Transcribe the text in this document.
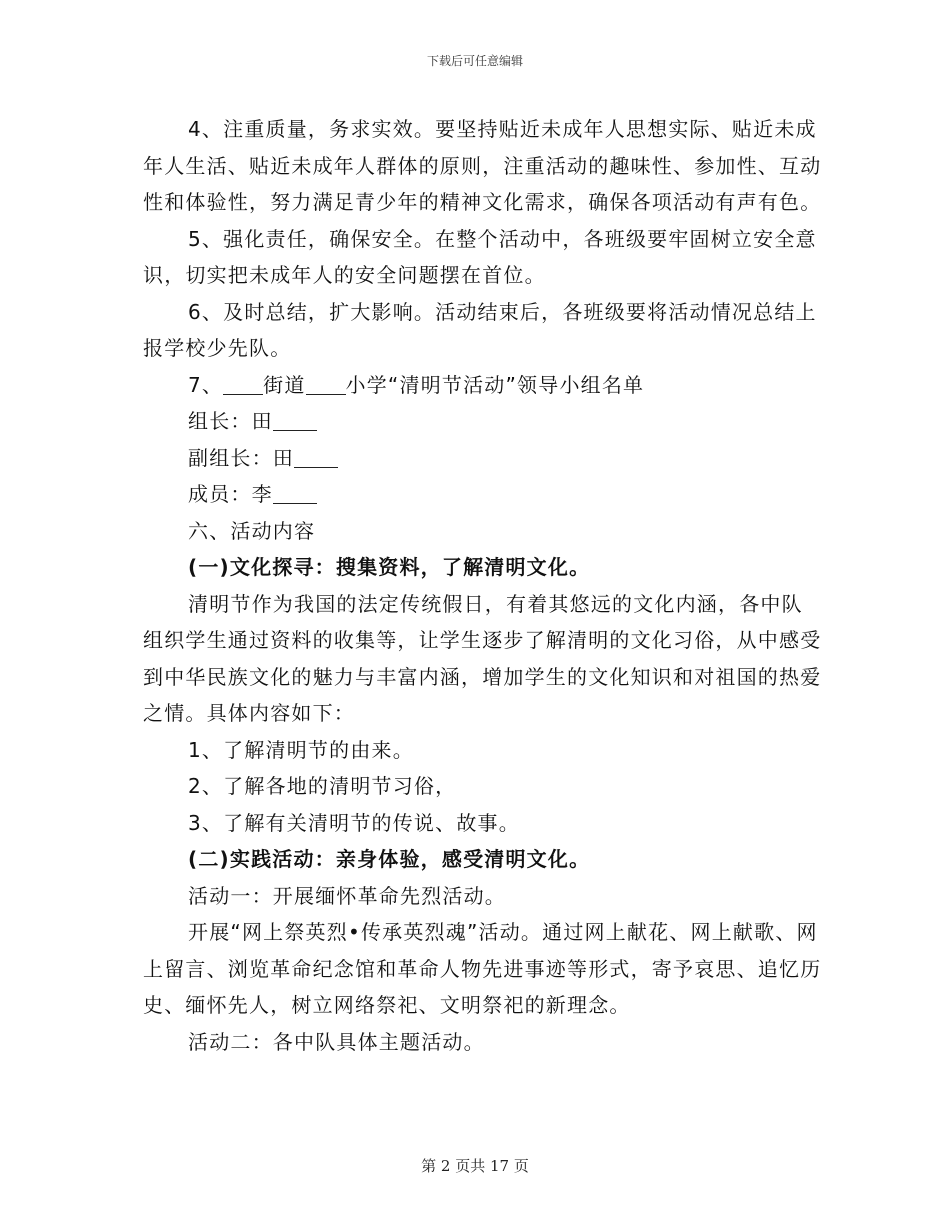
下载后可任意编辑

4、注重质量，务求实效。要坚持贴近未成年人思想实际、贴近未成年人生活、贴近未成年人群体的原则，注重活动的趣味性、参加性、互动性和体验性，努力满足青少年的精神文化需求，确保各项活动有声有色。

5、强化责任，确保安全。在整个活动中，各班级要牢固树立安全意识，切实把未成年人的安全问题摆在首位。

6、及时总结，扩大影响。活动结束后，各班级要将活动情况总结上报学校少先队。

7、 街道 小学“清明节活动”领导小组名单

组长：田

副组长：田

成员：李

六、活动内容

(一)文化探寻：搜集资料，了解清明文化。

清明节作为我国的法定传统假日，有着其悠远的文化内涵，各中队组织学生通过资料的收集等，让学生逐步了解清明的文化习俗，从中感受到中华民族文化的魅力与丰富内涵，增加学生的文化知识和对祖国的热爱之情。具体内容如下：

1、了解清明节的由来。

2、了解各地的清明节习俗，

3、了解有关清明节的传说、故事。

(二)实践活动：亲身体验，感受清明文化。

活动一：开展缅怀革命先烈活动。

开展“网上祭英烈•传承英烈魂”活动。通过网上献花、网上献歌、网上留言、浏览革命纪念馆和革命人物先进事迹等形式，寄予哀思、追忆历史、缅怀先人，树立网络祭祀、文明祭祀的新理念。

活动二：各中队具体主题活动。

第 2 页共 17 页
